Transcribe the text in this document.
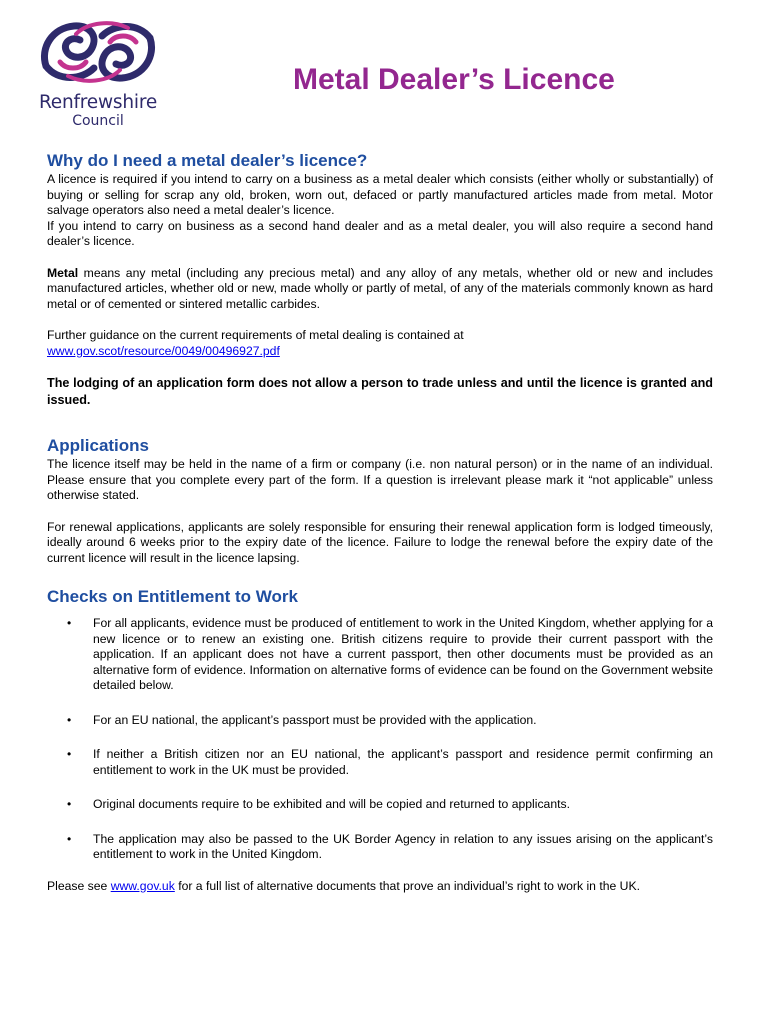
Renfrewshire
Council
Metal Dealer’s Licence
Why do I need a metal dealer’s licence?

A licence is required if you intend to carry on a business as a metal dealer which consists (either wholly or substantially) of buying or selling for scrap any old, broken, worn out, defaced or partly manufactured articles made from metal. Motor salvage operators also need a metal dealer’s licence.

If you intend to carry on business as a second hand dealer and as a metal dealer, you will also require a second hand dealer’s licence.

Metal means any metal (including any precious metal) and any alloy of any metals, whether old or new and includes manufactured articles, whether old or new, made wholly or partly of metal, of any of the materials commonly known as hard metal or of cemented or sintered metallic carbides.

Further guidance on the current requirements of metal dealing is contained at
www.gov.scot/resource/0049/00496927.pdf

The lodging of an application form does not allow a person to trade unless and until the licence is granted and issued.

Applications

The licence itself may be held in the name of a firm or company (i.e. non natural person) or in the name of an individual. Please ensure that you complete every part of the form. If a question is irrelevant please mark it “not applicable” unless otherwise stated.

For renewal applications, applicants are solely responsible for ensuring their renewal application form is lodged timeously, ideally around 6 weeks prior to the expiry date of the licence. Failure to lodge the renewal before the expiry date of the current licence will result in the licence lapsing.

Checks on Entitlement to Work
• For all applicants, evidence must be produced of entitlement to work in the United Kingdom, whether applying for a new licence or to renew an existing one. British citizens require to provide their current passport with the application. If an applicant does not have a current passport, then other documents must be provided as an alternative form of evidence. Information on alternative forms of evidence can be found on the Government website detailed below.
• For an EU national, the applicant’s passport must be provided with the application.
• If neither a British citizen nor an EU national, the applicant’s passport and residence permit confirming an entitlement to work in the UK must be provided.
• Original documents require to be exhibited and will be copied and returned to applicants.
• The application may also be passed to the UK Border Agency in relation to any issues arising on the applicant’s entitlement to work in the United Kingdom.

Please see www.gov.uk for a full list of alternative documents that prove an individual’s right to work in the UK.
